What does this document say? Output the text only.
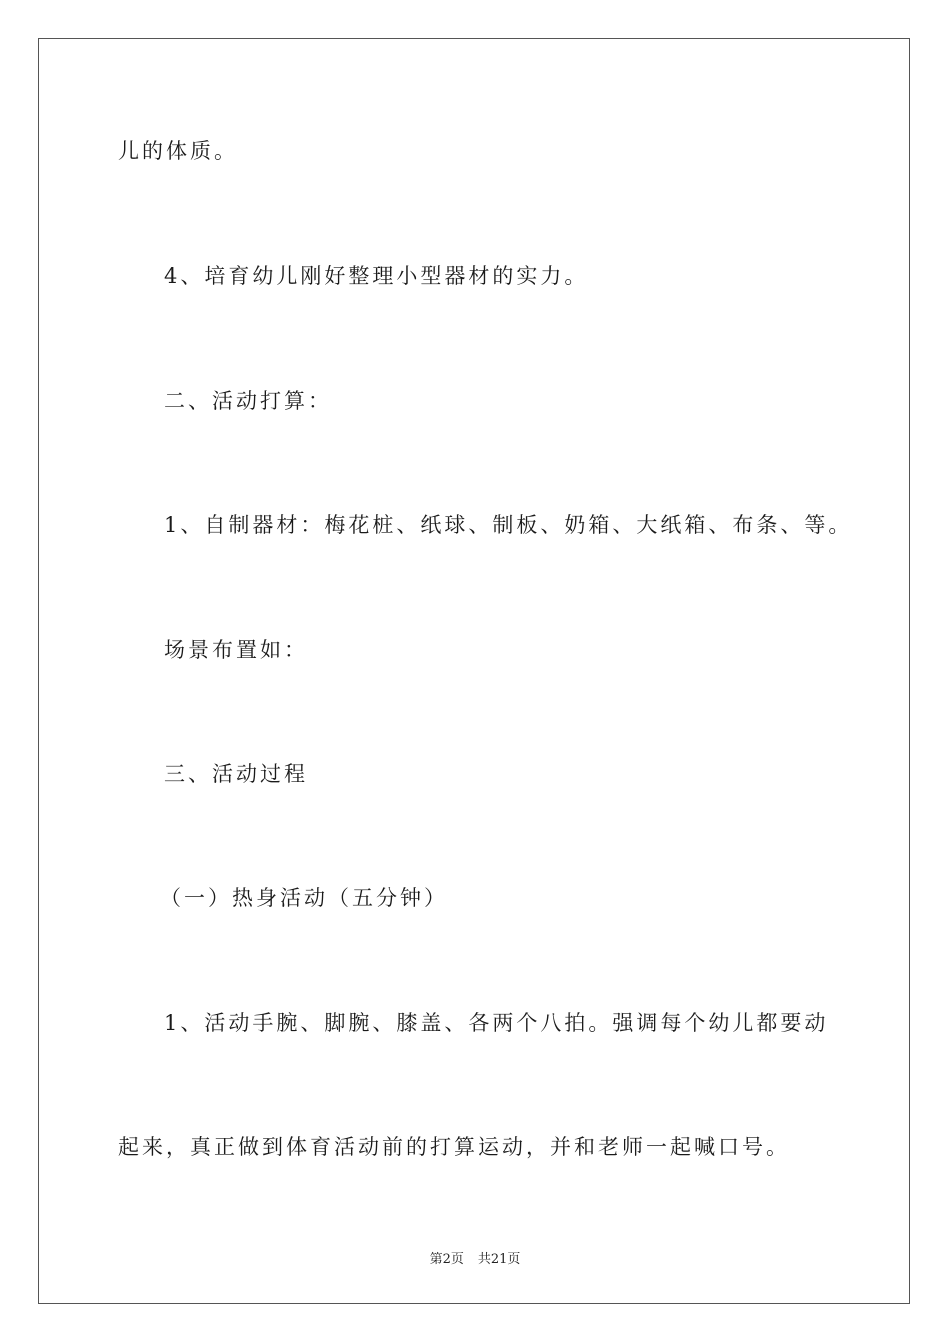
儿的体质。
4、培育幼儿刚好整理小型器材的实力。
二、活动打算：
1、自制器材：梅花桩、纸球、制板、奶箱、大纸箱、布条、等。
场景布置如：
三、活动过程
（一）热身活动（五分钟）
1、活动手腕、脚腕、膝盖、各两个八拍。强调每个幼儿都要动
起来，真正做到体育活动前的打算运动，并和老师一起喊口号。
第2页 共21页
